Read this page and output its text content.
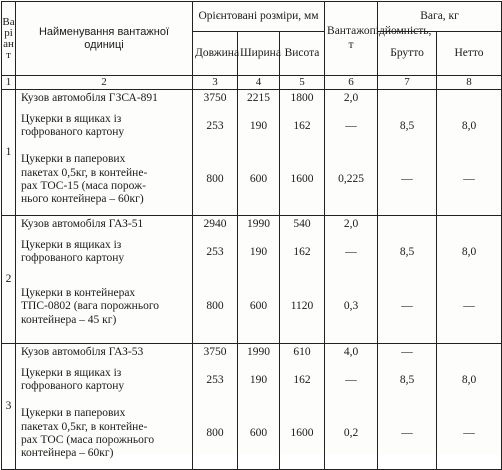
Варіант	Найменування вантажної одиниці	Орієнтовані розміри, мм			Вантажопідйомність, т	Вага, кг	
		Довжина	Ширина	Висота		Брутто	Нетто
1	2	3	4	5	6	7	8
1	Кузов автомобіля ГЗСА-891	3750	2215	1800	2,0		
	Цукерки в ящиках із
гофрованого картону	253	190	162	—	8,5	8,0
	Цукерки в паперових
пакетах 0,5кг, в контейне-
рах ТОС-15 (маса порож-
нього контейнера – 60кг)	800	600	1600	0,225	—	—
2	Кузов автомобіля ГАЗ-51	2940	1990	540	2,0		
	Цукерки в ящиках із
гофрованого картону	253	190	162	—	8,5	8,0
	Цукерки в контейнерах
ТПС-0802 (вага порожнього
контейнера – 45 кг)	800	600	1120	0,3	—	—
3	Кузов автомобіля ГАЗ-53	3750	1990	610	4,0	—	
	Цукерки в ящиках із
гофрованого картону	253	190	162	—	8,5	8,0
	Цукерки в паперових
пакетах 0,5кг, в контейне-
рах ТОС (маса порожнього
контейнера – 60кг)	800	600	1600	0,2	—	—
